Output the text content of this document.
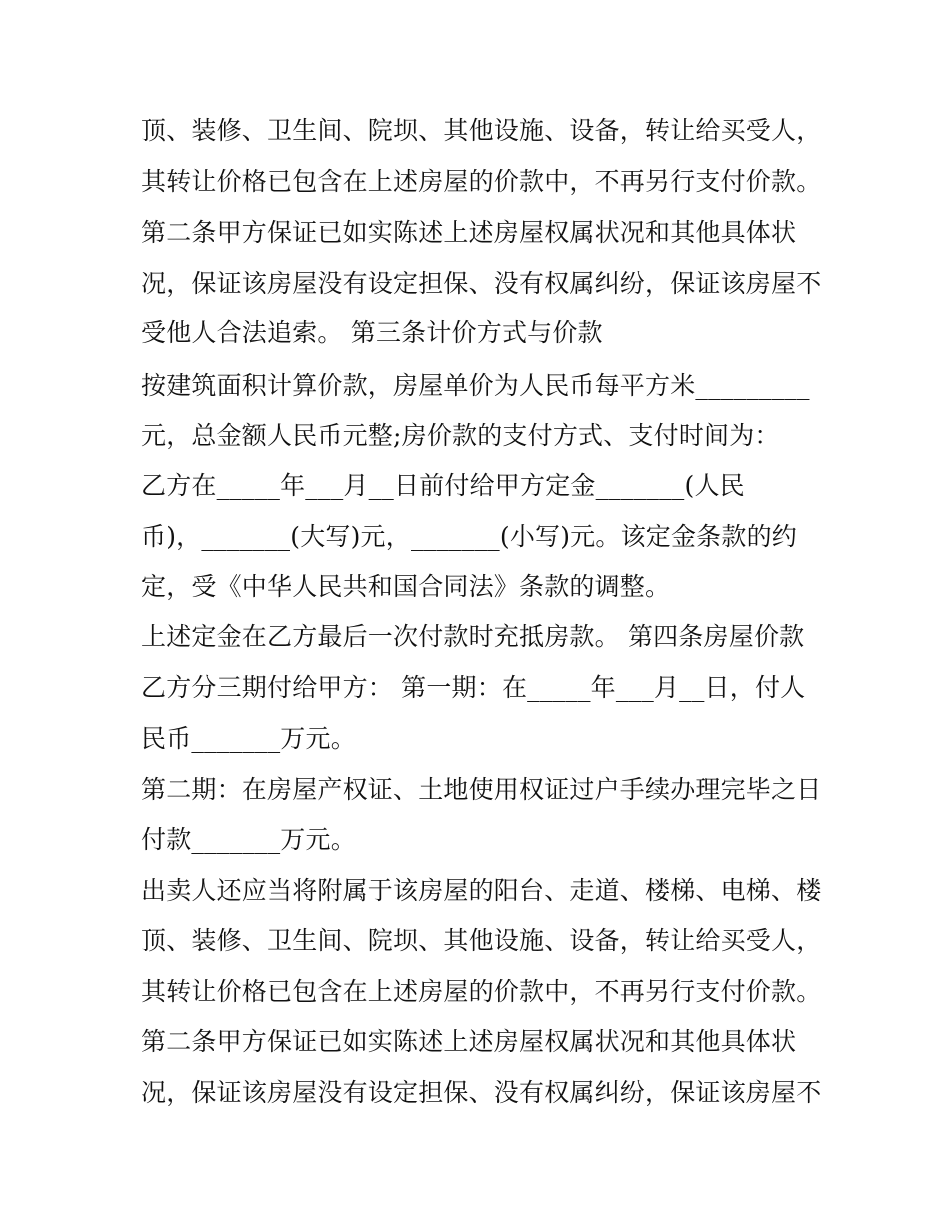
顶、装修、卫生间、院坝、其他设施、设备，转让给买受人，
其转让价格已包含在上述房屋的价款中，不再另行支付价款。
第二条甲方保证已如实陈述上述房屋权属状况和其他具体状
况，保证该房屋没有设定担保、没有权属纠纷，保证该房屋不
受他人合法追索。 第三条计价方式与价款
按建筑面积计算价款，房屋单价为人民币每平方米_________
元，总金额人民币元整;房价款的支付方式、支付时间为：
乙方在_____年___月__日前付给甲方定金_______(人民
币)，_______(大写)元，_______(小写)元。该定金条款的约
定，受《中华人民共和国合同法》条款的调整。
上述定金在乙方最后一次付款时充抵房款。 第四条房屋价款
乙方分三期付给甲方： 第一期：在_____年___月__日，付人
民币_______万元。
第二期：在房屋产权证、土地使用权证过户手续办理完毕之日
付款_______万元。
出卖人还应当将附属于该房屋的阳台、走道、楼梯、电梯、楼
顶、装修、卫生间、院坝、其他设施、设备，转让给买受人，
其转让价格已包含在上述房屋的价款中，不再另行支付价款。
第二条甲方保证已如实陈述上述房屋权属状况和其他具体状
况，保证该房屋没有设定担保、没有权属纠纷，保证该房屋不
